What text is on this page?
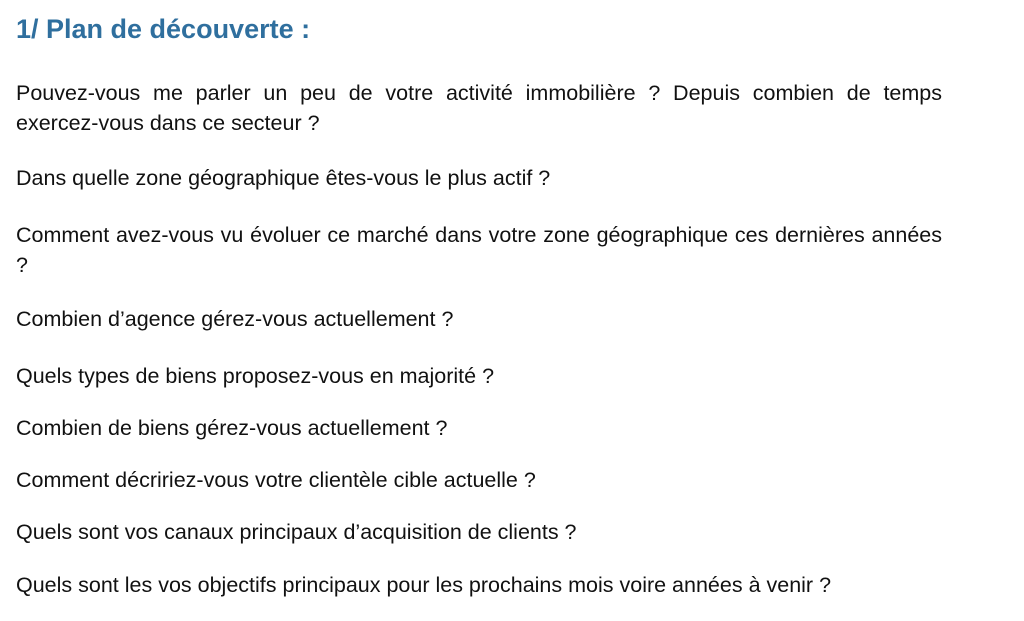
1/ Plan de découverte :

Pouvez-vous me parler un peu de votre activité immobilière ? Depuis combien de temps exercez-vous dans ce secteur ?

Dans quelle zone géographique êtes-vous le plus actif ?

Comment avez-vous vu évoluer ce marché dans votre zone géographique ces dernières années ?

Combien d’agence gérez-vous actuellement ?

Quels types de biens proposez-vous en majorité ?

Combien de biens gérez-vous actuellement ?

Comment décririez-vous votre clientèle cible actuelle ?

Quels sont vos canaux principaux d’acquisition de clients ?

Quels sont les vos objectifs principaux pour les prochains mois voire années à venir ?
